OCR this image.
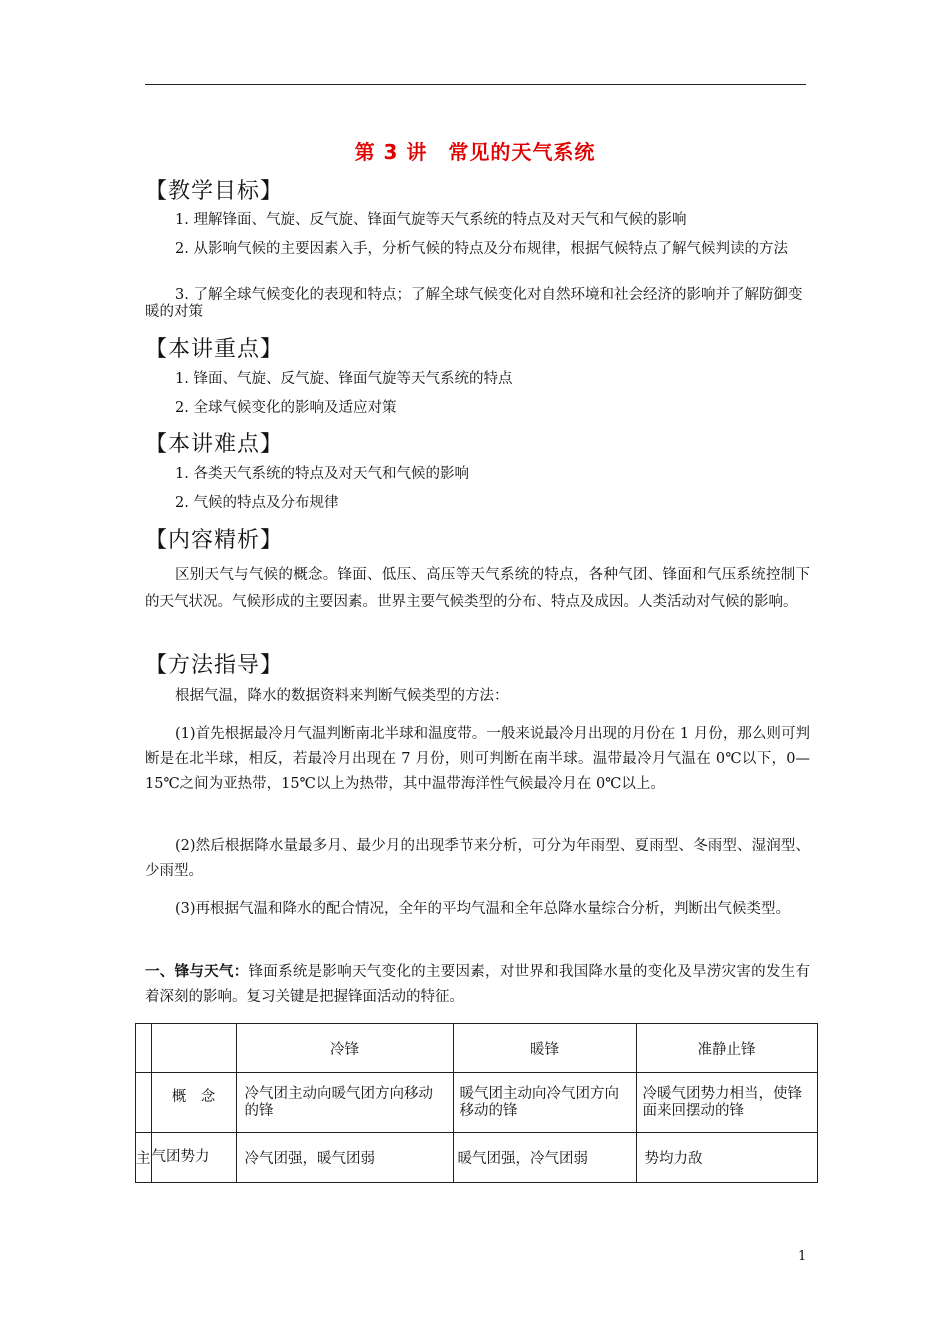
第 3 讲　常见的天气系统
【教学目标】
1. 理解锋面、气旋、反气旋、锋面气旋等天气系统的特点及对天气和气候的影响
2. 从影响气候的主要因素入手，分析气候的特点及分布规律，根据气候特点了解气候判读的方法
3. 了解全球气候变化的表现和特点；了解全球气候变化对自然环境和社会经济的影响并了解防御变暖的对策
【本讲重点】
1. 锋面、气旋、反气旋、锋面气旋等天气系统的特点
2. 全球气候变化的影响及适应对策
【本讲难点】
1. 各类天气系统的特点及对天气和气候的影响
2. 气候的特点及分布规律
【内容精析】
区别天气与气候的概念。锋面、低压、高压等天气系统的特点，各种气团、锋面和气压系统控制下的天气状况。气候形成的主要因素。世界主要气候类型的分布、特点及成因。人类活动对气候的影响。
【方法指导】
根据气温，降水的数据资料来判断气候类型的方法：
(1)首先根据最冷月气温判断南北半球和温度带。一般来说最冷月出现的月份在 1 月份，那么则可判断是在北半球，相反，若最冷月出现在 7 月份，则可判断在南半球。温带最冷月气温在 0℃以下，0—15℃之间为亚热带，15℃以上为热带，其中温带海洋性气候最冷月在 0℃以上。
(2)然后根据降水量最多月、最少月的出现季节来分析，可分为年雨型、夏雨型、冬雨型、湿润型、少雨型。
(3)再根据气温和降水的配合情况，全年的平均气温和全年总降水量综合分析，判断出气候类型。
一、锋与天气：锋面系统是影响天气变化的主要因素，对世界和我国降水量的变化及旱涝灾害的发生有着深刻的影响。复习关键是把握锋面活动的特征。
		冷锋	暖锋	准静止锋
	概　念	冷气团主动向暖气团方向移动的锋	暖气团主动向冷气团方向移动的锋	冷暖气团势力相当，使锋面来回摆动的锋
主	气团势力	冷气团强，暖气团弱	暖气团强，冷气团弱	势均力敌
1
